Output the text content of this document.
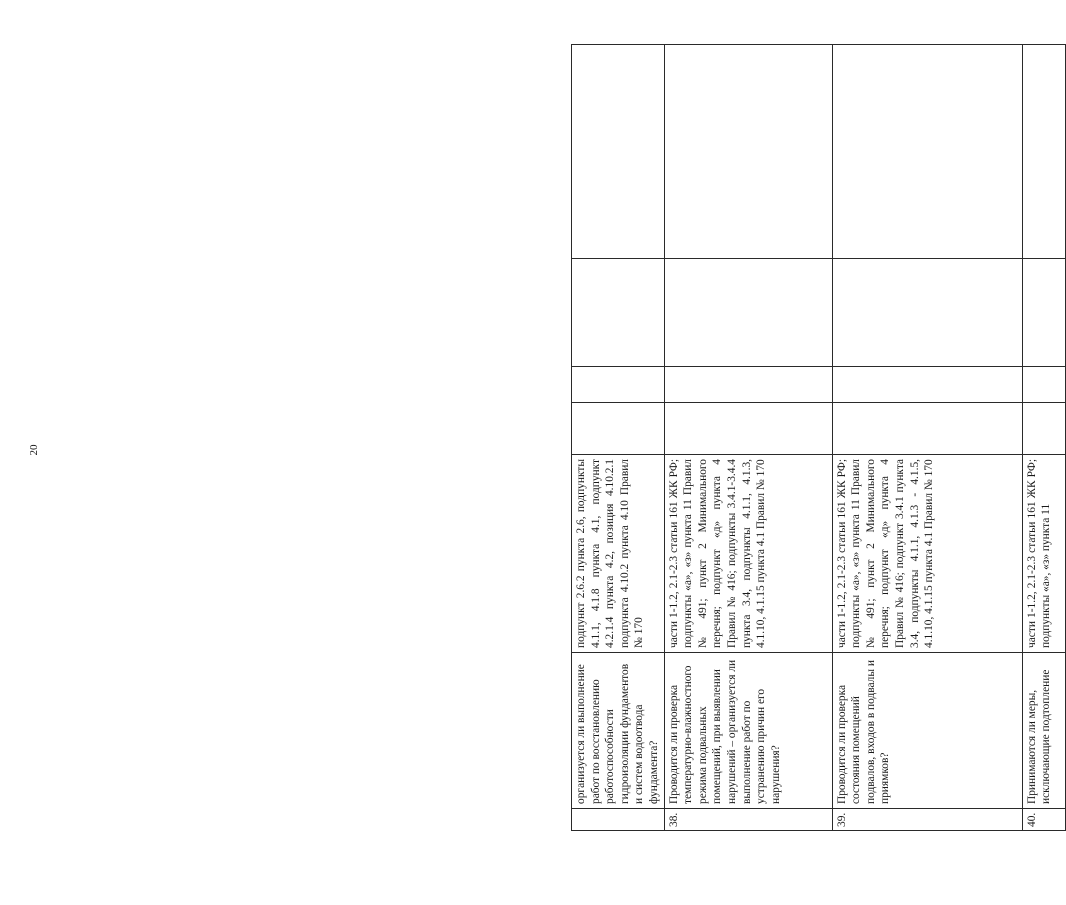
20
	организуется ли выполнение работ по восстановлению работоспособности гидроизоляции фундаментов и систем водоотвода фундамента?	подпункт 2.6.2 пункта 2.6, подпункты 4.1.1, 4.1.8 пункта 4.1, подпункт 4.2.1.4 пункта 4.2, позиция 4.10.2.1 подпункта 4.10.2 пункта 4.10 Правил № 170				
38.	Проводится ли проверка температурно-влажностного режима подвальных помещений, при выявлении нарушений – организуется ли выполнение работ по устранению причин его нарушения?	части 1-1.2, 2.1-2.3 статьи 161 ЖК РФ; подпункты «а», «з» пункта 11 Правил № 491; пункт 2 Минимального перечня; подпункт «д» пункта 4 Правил № 416; подпункты 3.4.1-3.4.4 пункта 3.4, подпункты 4.1.1, 4.1.3, 4.1.10, 4.1.15 пункта 4.1 Правил № 170				
39.	Проводится ли проверка состояния помещений подвалов, входов в подвалы и приямков?	части 1-1.2, 2.1-2.3 статьи 161 ЖК РФ; подпункты «а», «з» пункта 11 Правил № 491; пункт 2 Минимального перечня; подпункт «д» пункта 4 Правил № 416; подпункт 3.4.1 пункта 3.4, подпункты 4.1.1, 4.1.3 - 4.1.5, 4.1.10, 4.1.15 пункта 4.1 Правил № 170				
40.	Принимаются ли меры, исключающие подтопление	части 1-1.2, 2.1-2.3 статьи 161 ЖК РФ; подпункты «а», «з» пункта 11				
